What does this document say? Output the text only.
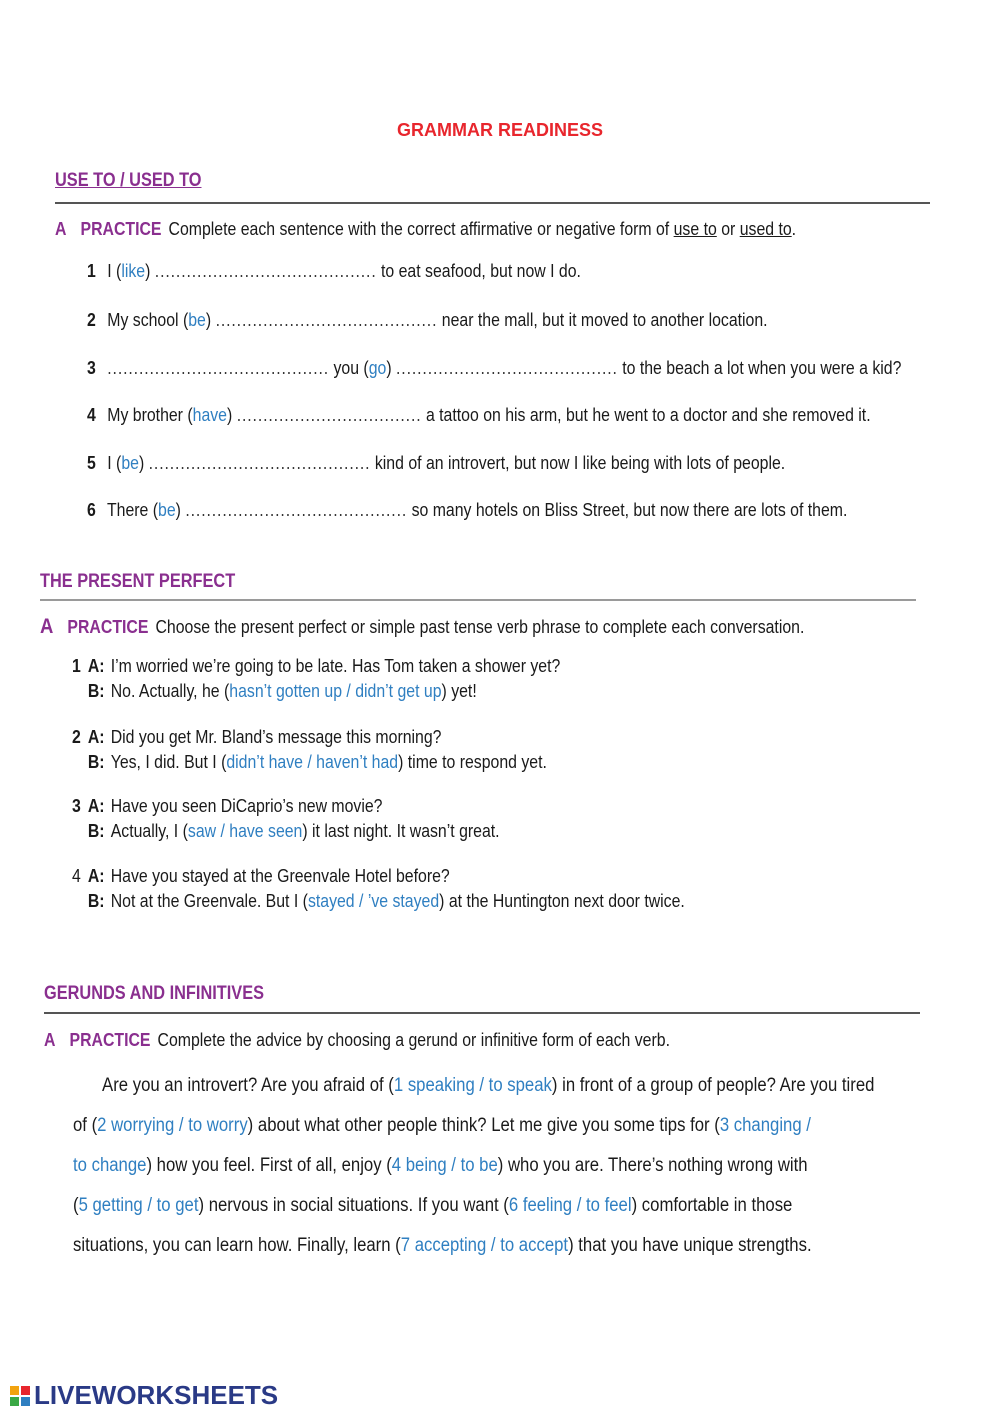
GRAMMAR READINESS
USE TO / USED TO
A PRACTICE Complete each sentence with the correct affirmative or negative form of use to or used to.
1 I (like) .......................................... to eat seafood, but now I do.
2 My school (be) .......................................... near the mall, but it moved to another location.
3 .......................................... you (go) .......................................... to the beach a lot when you were a kid?
4 My brother (have) ................................... a tattoo on his arm, but he went to a doctor and she removed it.
5 I (be) .......................................... kind of an introvert, but now I like being with lots of people.
6 There (be) .......................................... so many hotels on Bliss Street, but now there are lots of them.
THE PRESENT PERFECT
A PRACTICE Choose the present perfect or simple past tense verb phrase to complete each conversation.
1 A: I’m worried we’re going to be late. Has Tom taken a shower yet?
B: No. Actually, he (hasn’t gotten up / didn’t get up) yet!
2 A: Did you get Mr. Bland’s message this morning?
B: Yes, I did. But I (didn’t have / haven’t had) time to respond yet.
3 A: Have you seen DiCaprio’s new movie?
B: Actually, I (saw / have seen) it last night. It wasn’t great.
4 A: Have you stayed at the Greenvale Hotel before?
B: Not at the Greenvale. But I (stayed / ’ve stayed) at the Huntington next door twice.
GERUNDS AND INFINITIVES
A PRACTICE Complete the advice by choosing a gerund or infinitive form of each verb.
Are you an introvert? Are you afraid of (1 speaking / to speak) in front of a group of people? Are you tired
of (2 worrying / to worry) about what other people think? Let me give you some tips for (3 changing /
to change) how you feel. First of all, enjoy (4 being / to be) who you are. There’s nothing wrong with
(5 getting / to get) nervous in social situations. If you want (6 feeling / to feel) comfortable in those
situations, you can learn how. Finally, learn (7 accepting / to accept) that you have unique strengths.
LIVEWORKSHEETS
